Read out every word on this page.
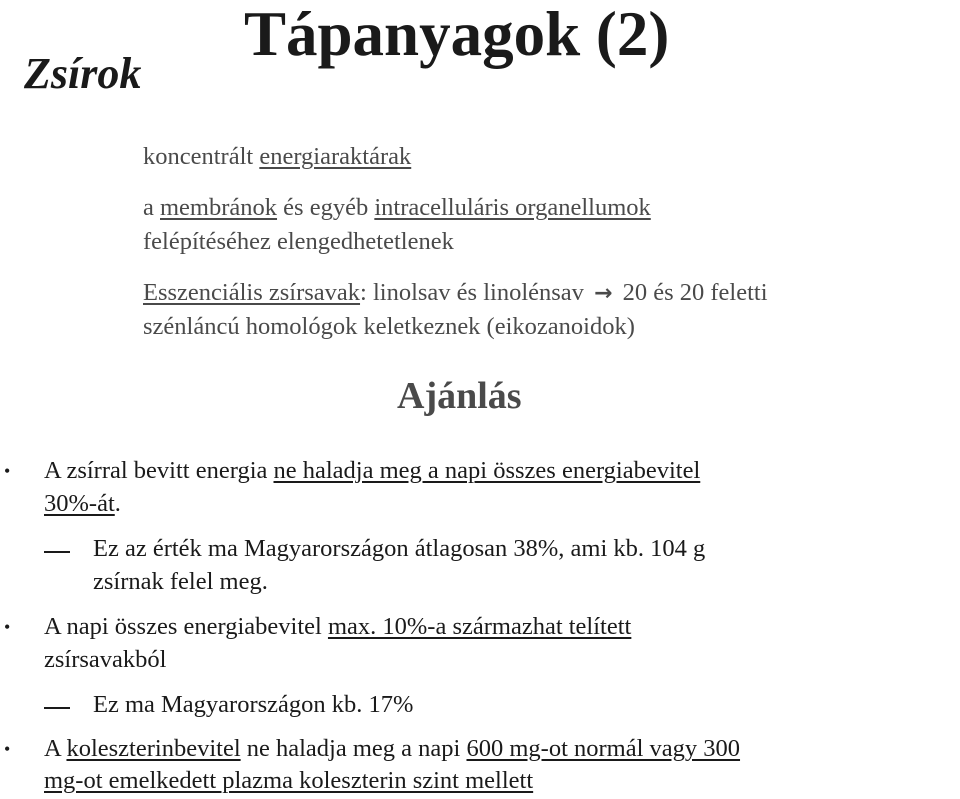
Tápanyagok (2)
Zsírok
koncentrált energiaraktárak
a membránok és egyéb intracelluláris organellumok
felépítéséhez elengedhetetlenek
Esszenciális zsírsavak: linolsav és linolénsav → 20 és 20 feletti
szénláncú homológok keletkeznek (eikozanoidok)
Ajánlás
• A zsírral bevitt energia ne haladja meg a napi összes energiabevitel
30%-át.
Ez az érték ma Magyarországon átlagosan 38%, ami kb. 104 g
zsírnak felel meg.
• A napi összes energiabevitel max. 10%-a származhat telített
zsírsavakból
Ez ma Magyarországon kb. 17%
• A koleszterinbevitel ne haladja meg a napi 600 mg-ot normál vagy 300
mg-ot emelkedett plazma koleszterin szint mellett
